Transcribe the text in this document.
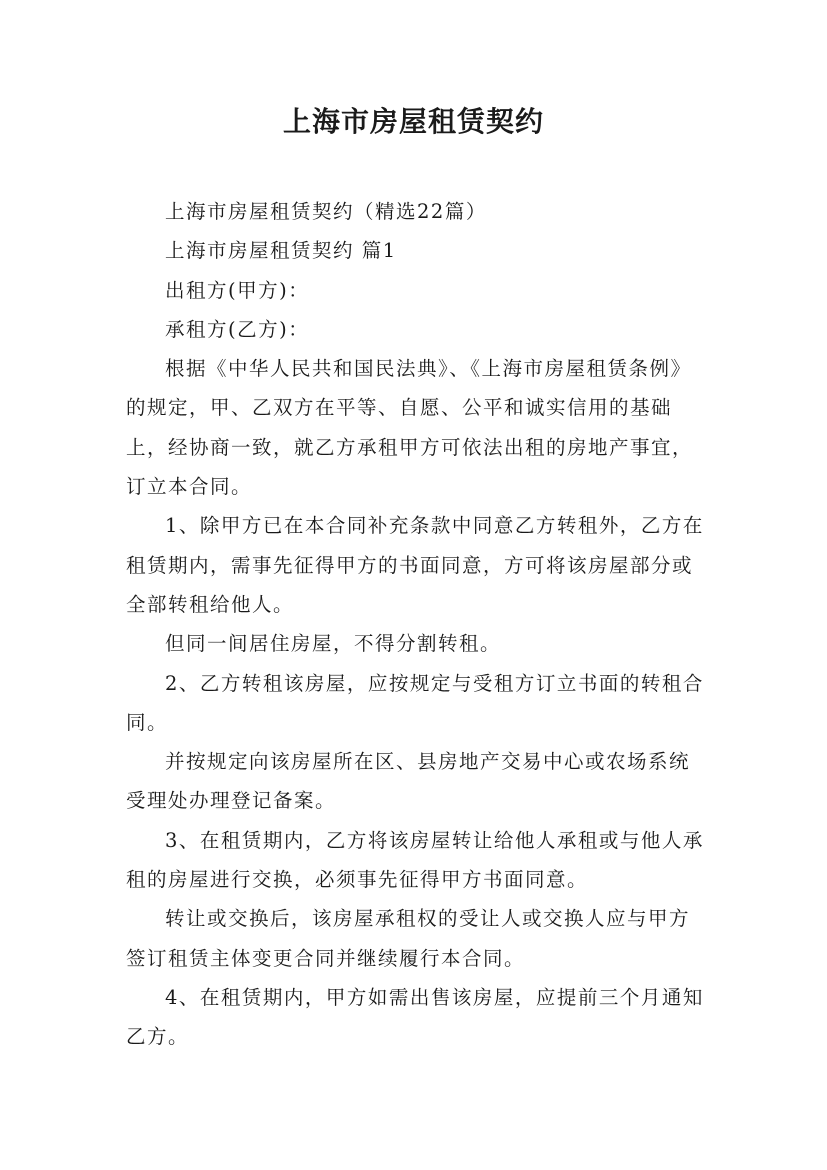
上海市房屋租赁契约

上海市房屋租赁契约（精选22篇）

上海市房屋租赁契约 篇1

出租方(甲方)：

承租方(乙方)：

根据《中华人民共和国民法典》、《上海市房屋租赁条例》的规定，甲、乙双方在平等、自愿、公平和诚实信用的基础上，经协商一致，就乙方承租甲方可依法出租的房地产事宜，订立本合同。

1、除甲方已在本合同补充条款中同意乙方转租外，乙方在租赁期内，需事先征得甲方的书面同意，方可将该房屋部分或全部转租给他人。

但同一间居住房屋，不得分割转租。

2、乙方转租该房屋，应按规定与受租方订立书面的转租合同。

并按规定向该房屋所在区、县房地产交易中心或农场系统受理处办理登记备案。

3、在租赁期内，乙方将该房屋转让给他人承租或与他人承租的房屋进行交换，必须事先征得甲方书面同意。

转让或交换后，该房屋承租权的受让人或交换人应与甲方签订租赁主体变更合同并继续履行本合同。

4、在租赁期内，甲方如需出售该房屋，应提前三个月通知乙方。
